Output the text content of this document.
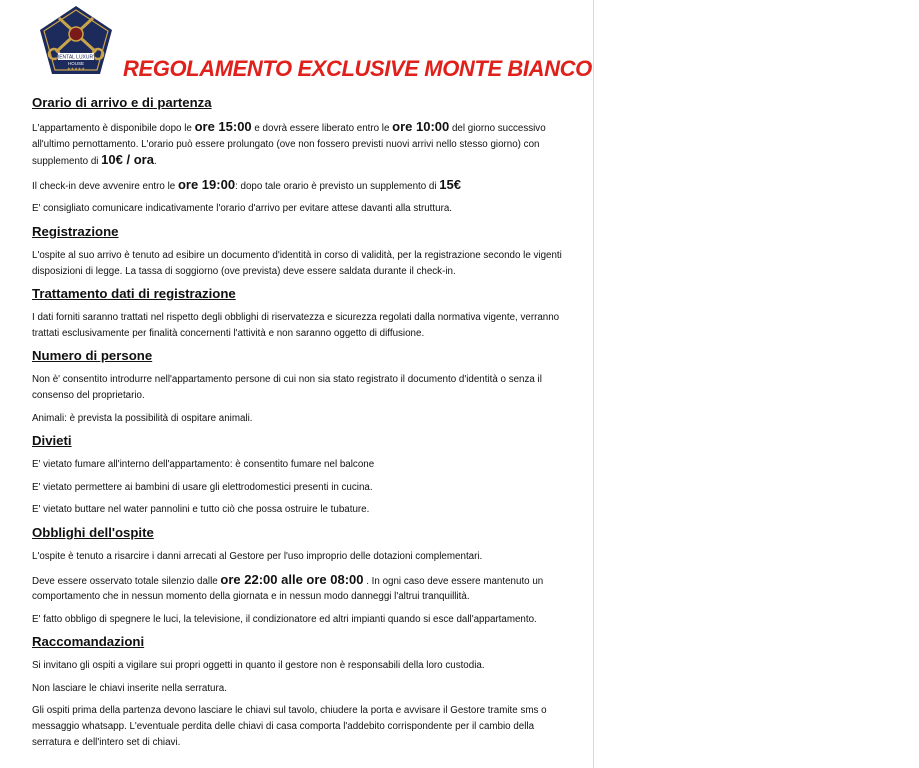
RENTAL LUXURY
HOUSE
★★★★★ REGOLAMENTO EXCLUSIVE MONTE BIANCO
Orario di arrivo e di partenza
L'appartamento è disponibile dopo le ore 15:00 e dovrà essere liberato entro le ore 10:00 del giorno successivo all'ultimo pernottamento. L'orario può essere prolungato (ove non fossero previsti nuovi arrivi nello stesso giorno) con supplemento di 10€ / ora.
Il check-in deve avvenire entro le ore 19:00: dopo tale orario è previsto un supplemento di 15€
E' consigliato comunicare indicativamente l'orario d'arrivo per evitare attese davanti alla struttura.
Registrazione
L'ospite al suo arrivo è tenuto ad esibire un documento d'identità in corso di validità, per la registrazione secondo le vigenti disposizioni di legge. La tassa di soggiorno (ove prevista) deve essere saldata durante il check-in.
Trattamento dati di registrazione
I dati forniti saranno trattati nel rispetto degli obblighi di riservatezza e sicurezza regolati dalla normativa vigente, verranno trattati esclusivamente per finalità concernenti l'attività e non saranno oggetto di diffusione.
Numero di persone
Non è' consentito introdurre nell'appartamento persone di cui non sia stato registrato il documento d'identità o senza il consenso del proprietario.
Animali: è prevista la possibilità di ospitare animali.
Divieti
E' vietato fumare all'interno dell'appartamento: è consentito fumare nel balcone
E' vietato permettere ai bambini di usare gli elettrodomestici presenti in cucina.
E' vietato buttare nel water pannolini e tutto ciò che possa ostruire le tubature.
Obblighi dell'ospite
L'ospite è tenuto a risarcire i danni arrecati al Gestore per l'uso improprio delle dotazioni complementari.
Deve essere osservato totale silenzio dalle ore 22:00 alle ore 08:00 . In ogni caso deve essere mantenuto un comportamento che in nessun momento della giornata e in nessun modo danneggi l'altrui tranquillità.
E' fatto obbligo di spegnere le luci, la televisione, il condizionatore ed altri impianti quando si esce dall'appartamento.
Raccomandazioni
Si invitano gli ospiti a vigilare sui propri oggetti in quanto il gestore non è responsabili della loro custodia.
Non lasciare le chiavi inserite nella serratura.
Gli ospiti prima della partenza devono lasciare le chiavi sul tavolo, chiudere la porta e avvisare il Gestore tramite sms o messaggio whatsapp. L'eventuale perdita delle chiavi di casa comporta l'addebito corrispondente per il cambio della serratura e dell'intero set di chiavi.
